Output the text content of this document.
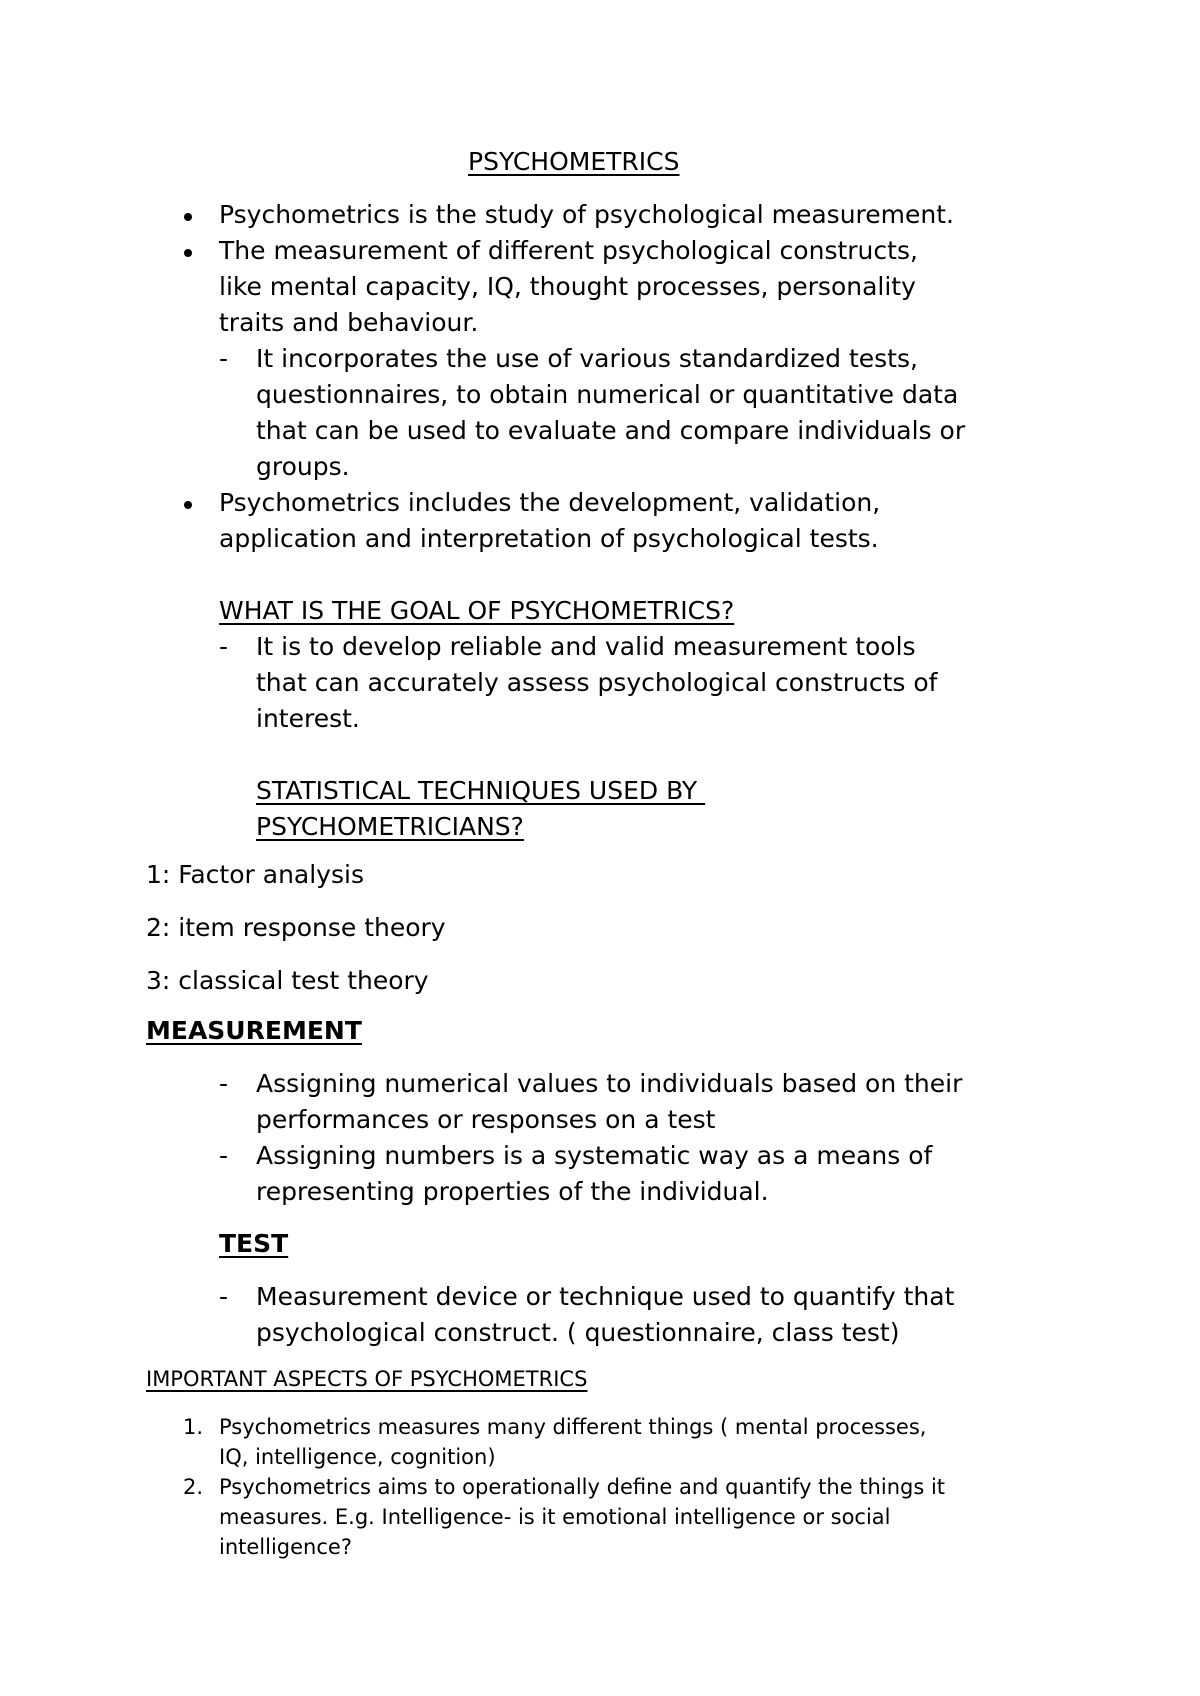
PSYCHOMETRICS
Psychometrics is the study of psychological measurement.
The measurement of different psychological constructs,
like mental capacity, IQ, thought processes, personality
traits and behaviour.
- It incorporates the use of various standardized tests,
questionnaires, to obtain numerical or quantitative data
that can be used to evaluate and compare individuals or
groups.
Psychometrics includes the development, validation,
application and interpretation of psychological tests.
WHAT IS THE GOAL OF PSYCHOMETRICS?
- It is to develop reliable and valid measurement tools
that can accurately assess psychological constructs of
interest.
STATISTICAL TECHNIQUES USED BY
PSYCHOMETRICIANS?
1: Factor analysis
2: item response theory
3: classical test theory
MEASUREMENT
- Assigning numerical values to individuals based on their
performances or responses on a test
- Assigning numbers is a systematic way as a means of
representing properties of the individual.
TEST
- Measurement device or technique used to quantify that
psychological construct. ( questionnaire, class test)
IMPORTANT ASPECTS OF PSYCHOMETRICS
1. Psychometrics measures many different things ( mental processes,
IQ, intelligence, cognition)
2. Psychometrics aims to operationally define and quantify the things it
measures. E.g. Intelligence- is it emotional intelligence or social
intelligence?
